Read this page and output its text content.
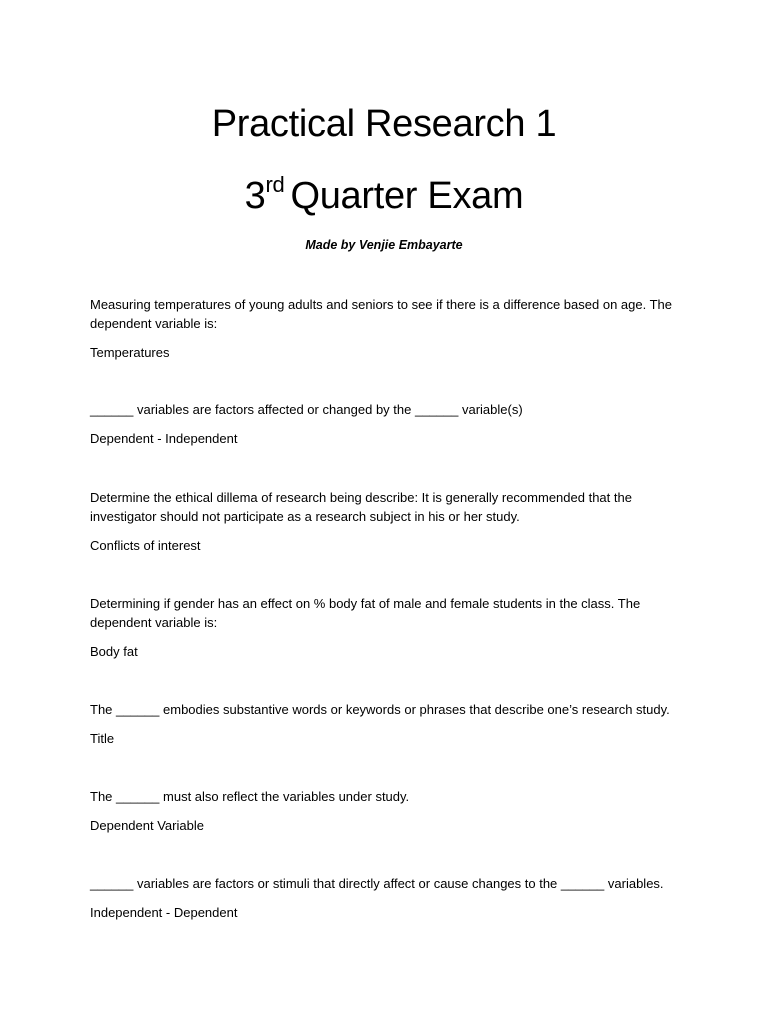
Practical Research 1
3rd Quarter Exam
Made by Venjie Embayarte

Measuring temperatures of young adults and seniors to see if there is a difference based on age. The dependent variable is:

Temperatures

______ variables are factors affected or changed by the ______ variable(s)

Dependent - Independent

Determine the ethical dillema of research being describe: It is generally recommended that the investigator should not participate as a research subject in his or her study.

Conflicts of interest

Determining if gender has an effect on % body fat of male and female students in the class. The dependent variable is:

Body fat

The ______ embodies substantive words or keywords or phrases that describe one’s research study.

Title

The ______ must also reflect the variables under study.

Dependent Variable

______ variables are factors or stimuli that directly affect or cause changes to the ______ variables.

Independent - Dependent
